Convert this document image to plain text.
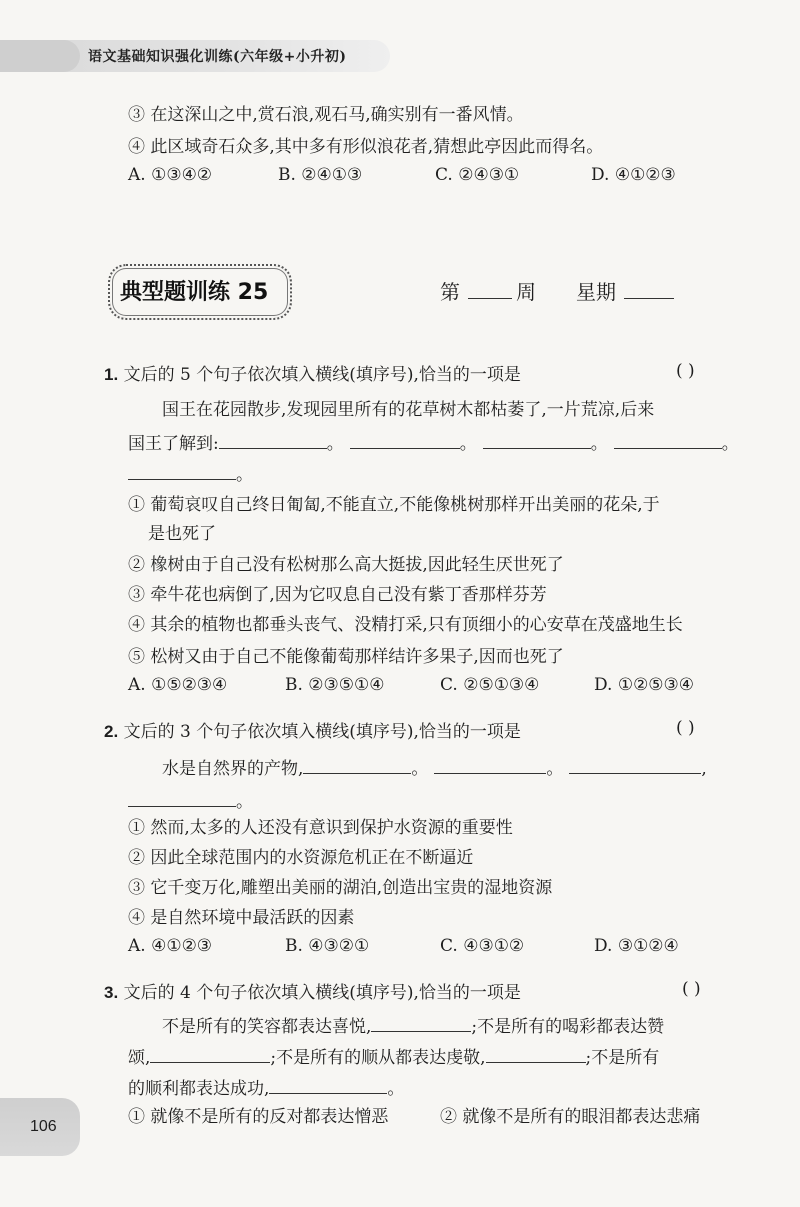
语文基础知识强化训练(六年级+小升初)
③ 在这深山之中,赏石浪,观石马,确实别有一番风情。
④ 此区域奇石众多,其中多有形似浪花者,猜想此亭因此而得名。
A. ①③④②	B. ②④①③	C. ②④③①	D. ④①②③
典型题训练 25	第	周 星期
1. 文后的 5 个句子依次填入横线(填序号),恰当的一项是	( )
国王在花园散步,发现园里所有的花草树木都枯萎了,一片荒凉,后来
国王了解到:	。	。	。	。
。
① 葡萄哀叹自己终日匍匐,不能直立,不能像桃树那样开出美丽的花朵,于
是也死了
② 橡树由于自己没有松树那么高大挺拔,因此轻生厌世死了
③ 牵牛花也病倒了,因为它叹息自己没有紫丁香那样芬芳
④ 其余的植物也都垂头丧气、没精打采,只有顶细小的心安草在茂盛地生长
⑤ 松树又由于自己不能像葡萄那样结许多果子,因而也死了
A. ①⑤②③④	B. ②③⑤①④	C. ②⑤①③④	D. ①②⑤③④
2. 文后的 3 个句子依次填入横线(填序号),恰当的一项是	( )
水是自然界的产物,	。	。	,
。
① 然而,太多的人还没有意识到保护水资源的重要性
② 因此全球范围内的水资源危机正在不断逼近
③ 它千变万化,雕塑出美丽的湖泊,创造出宝贵的湿地资源
④ 是自然环境中最活跃的因素
A. ④①②③	B. ④③②①	C. ④③①②	D. ③①②④
3. 文后的 4 个句子依次填入横线(填序号),恰当的一项是	( )
不是所有的笑容都表达喜悦,	;不是所有的喝彩都表达赞
颂,	;不是所有的顺从都表达虔敬,	;不是所有
的顺利都表达成功,	。
① 就像不是所有的反对都表达憎恶	② 就像不是所有的眼泪都表达悲痛
106
